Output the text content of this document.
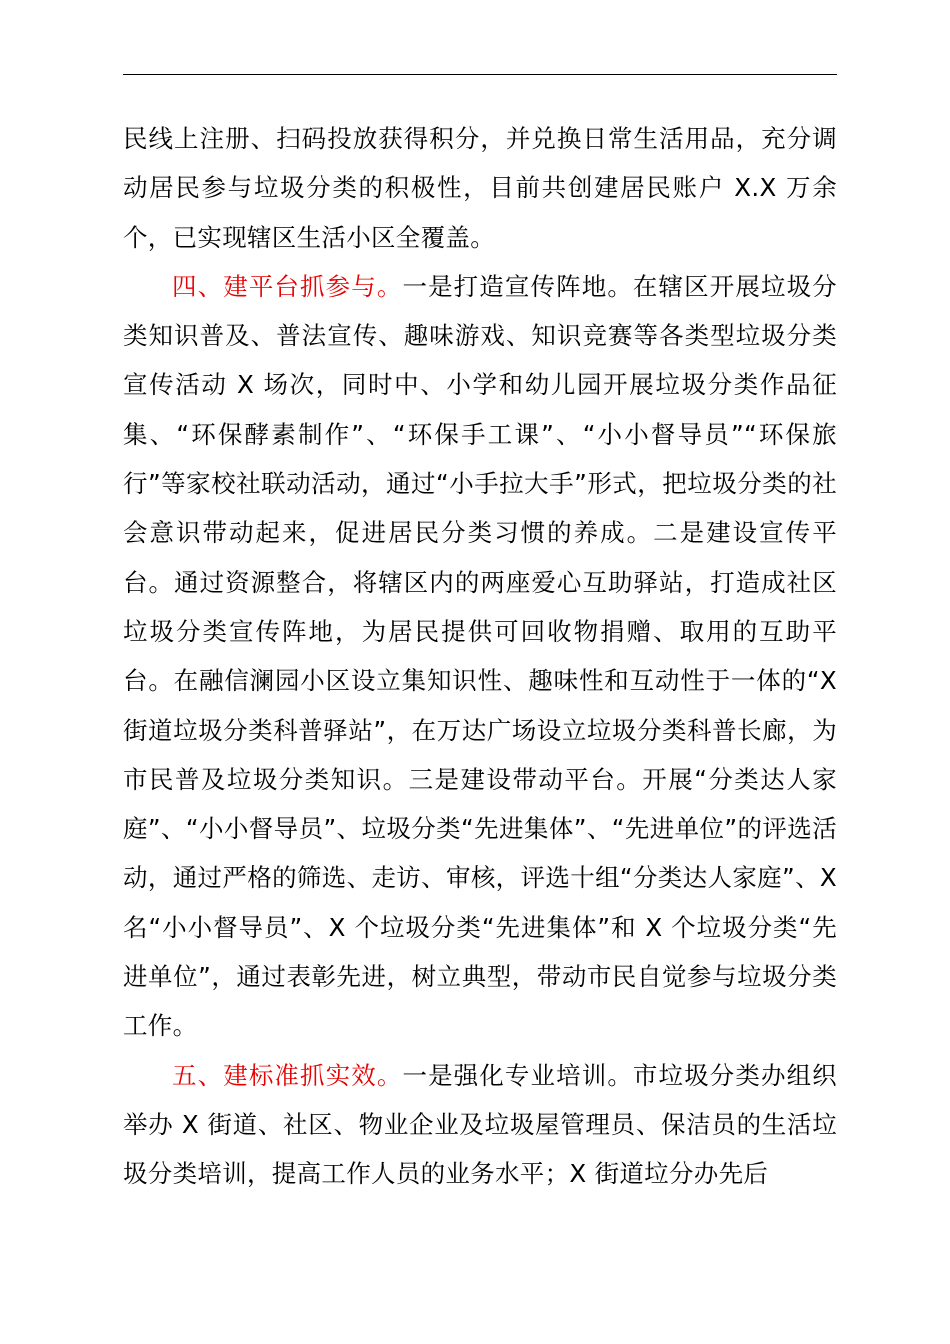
民线上注册、扫码投放获得积分，并兑换日常生活用品，充分调动居民参与垃圾分类的积极性，目前共创建居民账户 X.X 万余个，已实现辖区生活小区全覆盖。

四、建平台抓参与。一是打造宣传阵地。在辖区开展垃圾分类知识普及、普法宣传、趣味游戏、知识竞赛等各类型垃圾分类宣传活动 X 场次，同时中、小学和幼儿园开展垃圾分类作品征集、“环保酵素制作”、“环保手工课”、“小小督导员”“环保旅行”等家校社联动活动，通过“小手拉大手”形式，把垃圾分类的社会意识带动起来，促进居民分类习惯的养成。二是建设宣传平台。通过资源整合，将辖区内的两座爱心互助驿站，打造成社区垃圾分类宣传阵地，为居民提供可回收物捐赠、取用的互助平台。在融信澜园小区设立集知识性、趣味性和互动性于一体的“X 街道垃圾分类科普驿站”，在万达广场设立垃圾分类科普长廊，为市民普及垃圾分类知识。三是建设带动平台。开展“分类达人家庭”、“小小督导员”、垃圾分类“先进集体”、“先进单位”的评选活动，通过严格的筛选、走访、审核，评选十组“分类达人家庭”、X 名“小小督导员”、X 个垃圾分类“先进集体”和 X 个垃圾分类“先进单位”，通过表彰先进，树立典型，带动市民自觉参与垃圾分类工作。

五、建标准抓实效。一是强化专业培训。市垃圾分类办组织举办 X 街道、社区、物业企业及垃圾屋管理员、保洁员的生活垃圾分类培训，提高工作人员的业务水平；X 街道垃分办先后
